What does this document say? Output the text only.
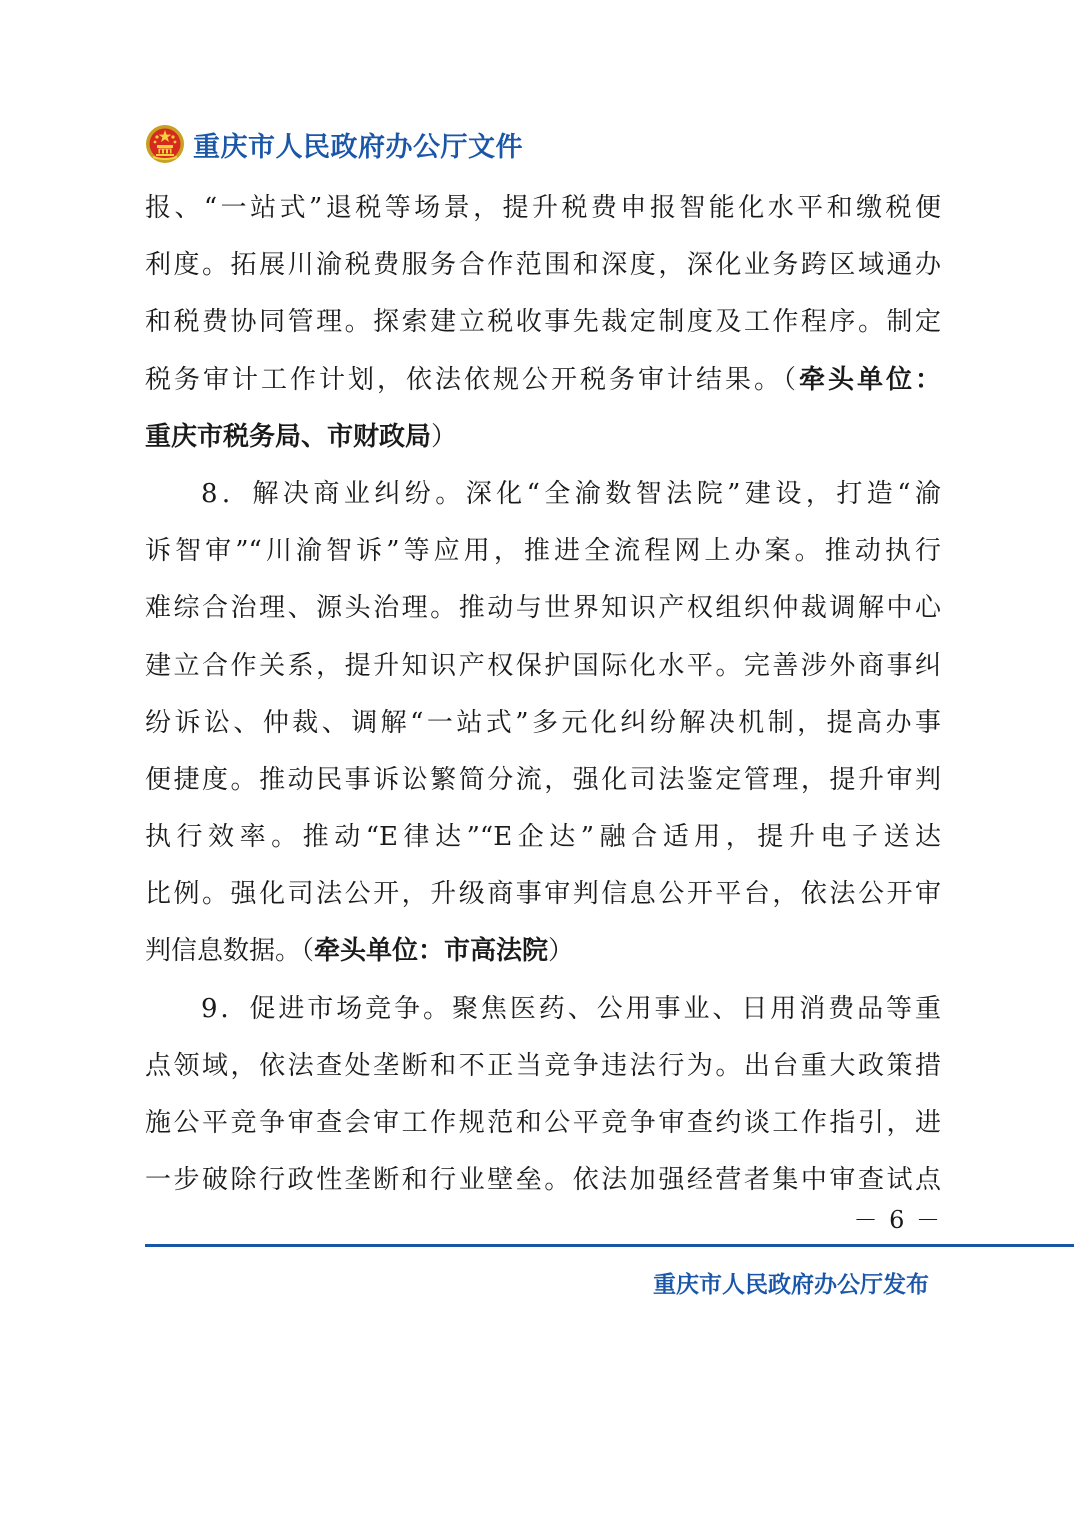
重庆市人民政府办公厅文件
报、“一站式”退税等场景，提升税费申报智能化水平和缴税便
利度。拓展川渝税费服务合作范围和深度，深化业务跨区域通办
和税费协同管理。探索建立税收事先裁定制度及工作程序。制定
税务审计工作计划，依法依规公开税务审计结果。（牵头单位：
重庆市税务局、市财政局）
8．解决商业纠纷。深化“全渝数智法院”建设，打造“渝
诉智审”“川渝智诉”等应用，推进全流程网上办案。推动执行
难综合治理、源头治理。推动与世界知识产权组织仲裁调解中心
建立合作关系，提升知识产权保护国际化水平。完善涉外商事纠
纷诉讼、仲裁、调解“一站式”多元化纠纷解决机制，提高办事
便捷度。推动民事诉讼繁简分流，强化司法鉴定管理，提升审判
执行效率。推动“E律达”“E企达”融合适用，提升电子送达
比例。强化司法公开，升级商事审判信息公开平台，依法公开审
判信息数据。（牵头单位：市高法院）
9．促进市场竞争。聚焦医药、公用事业、日用消费品等重
点领域，依法查处垄断和不正当竞争违法行为。出台重大政策措
施公平竞争审查会审工作规范和公平竞争审查约谈工作指引，进
一步破除行政性垄断和行业壁垒。依法加强经营者集中审查试点
－ 6 －
重庆市人民政府办公厅发布
